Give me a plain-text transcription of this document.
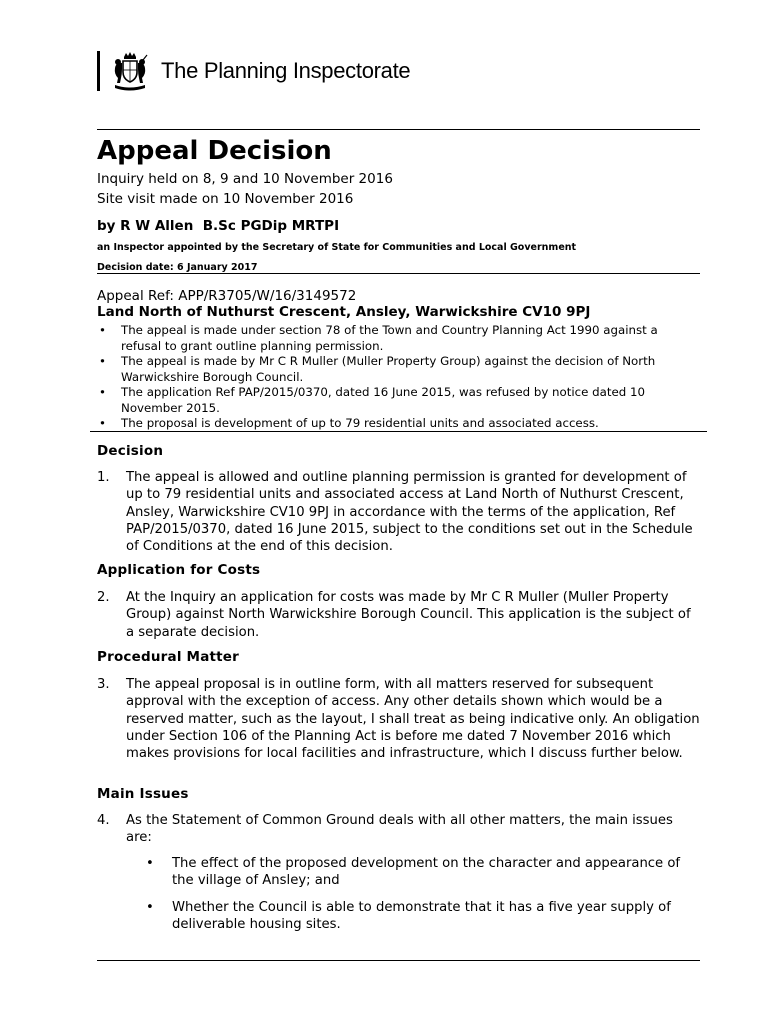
The Planning Inspectorate
Appeal Decision
Inquiry held on 8, 9 and 10 November 2016
Site visit made on 10 November 2016
by R W Allen  B.Sc PGDip MRTPI
an Inspector appointed by the Secretary of State for Communities and Local Government
Decision date: 6 January 2017
Appeal Ref: APP/R3705/W/16/3149572
Land North of Nuthurst Crescent, Ansley, Warwickshire CV10 9PJ
• The appeal is made under section 78 of the Town and Country Planning Act 1990 against a refusal to grant outline planning permission.
• The appeal is made by Mr C R Muller (Muller Property Group) against the decision of North Warwickshire Borough Council.
• The application Ref PAP/2015/0370, dated 16 June 2015, was refused by notice dated 10 November 2015.
• The proposal is development of up to 79 residential units and associated access.
Decision
1.	The appeal is allowed and outline planning permission is granted for development of up to 79 residential units and associated access at Land North of Nuthurst Crescent, Ansley, Warwickshire CV10 9PJ in accordance with the terms of the application, Ref PAP/2015/0370, dated 16 June 2015, subject to the conditions set out in the Schedule of Conditions at the end of this decision.
Application for Costs
2.	At the Inquiry an application for costs was made by Mr C R Muller (Muller Property Group) against North Warwickshire Borough Council. This application is the subject of a separate decision.
Procedural Matter
3.	The appeal proposal is in outline form, with all matters reserved for subsequent approval with the exception of access. Any other details shown which would be a reserved matter, such as the layout, I shall treat as being indicative only. An obligation under Section 106 of the Planning Act is before me dated 7 November 2016 which makes provisions for local facilities and infrastructure, which I discuss further below.
Main Issues
4.	As the Statement of Common Ground deals with all other matters, the main issues are:
•	The effect of the proposed development on the character and appearance of the village of Ansley; and
•	Whether the Council is able to demonstrate that it has a five year supply of deliverable housing sites.
